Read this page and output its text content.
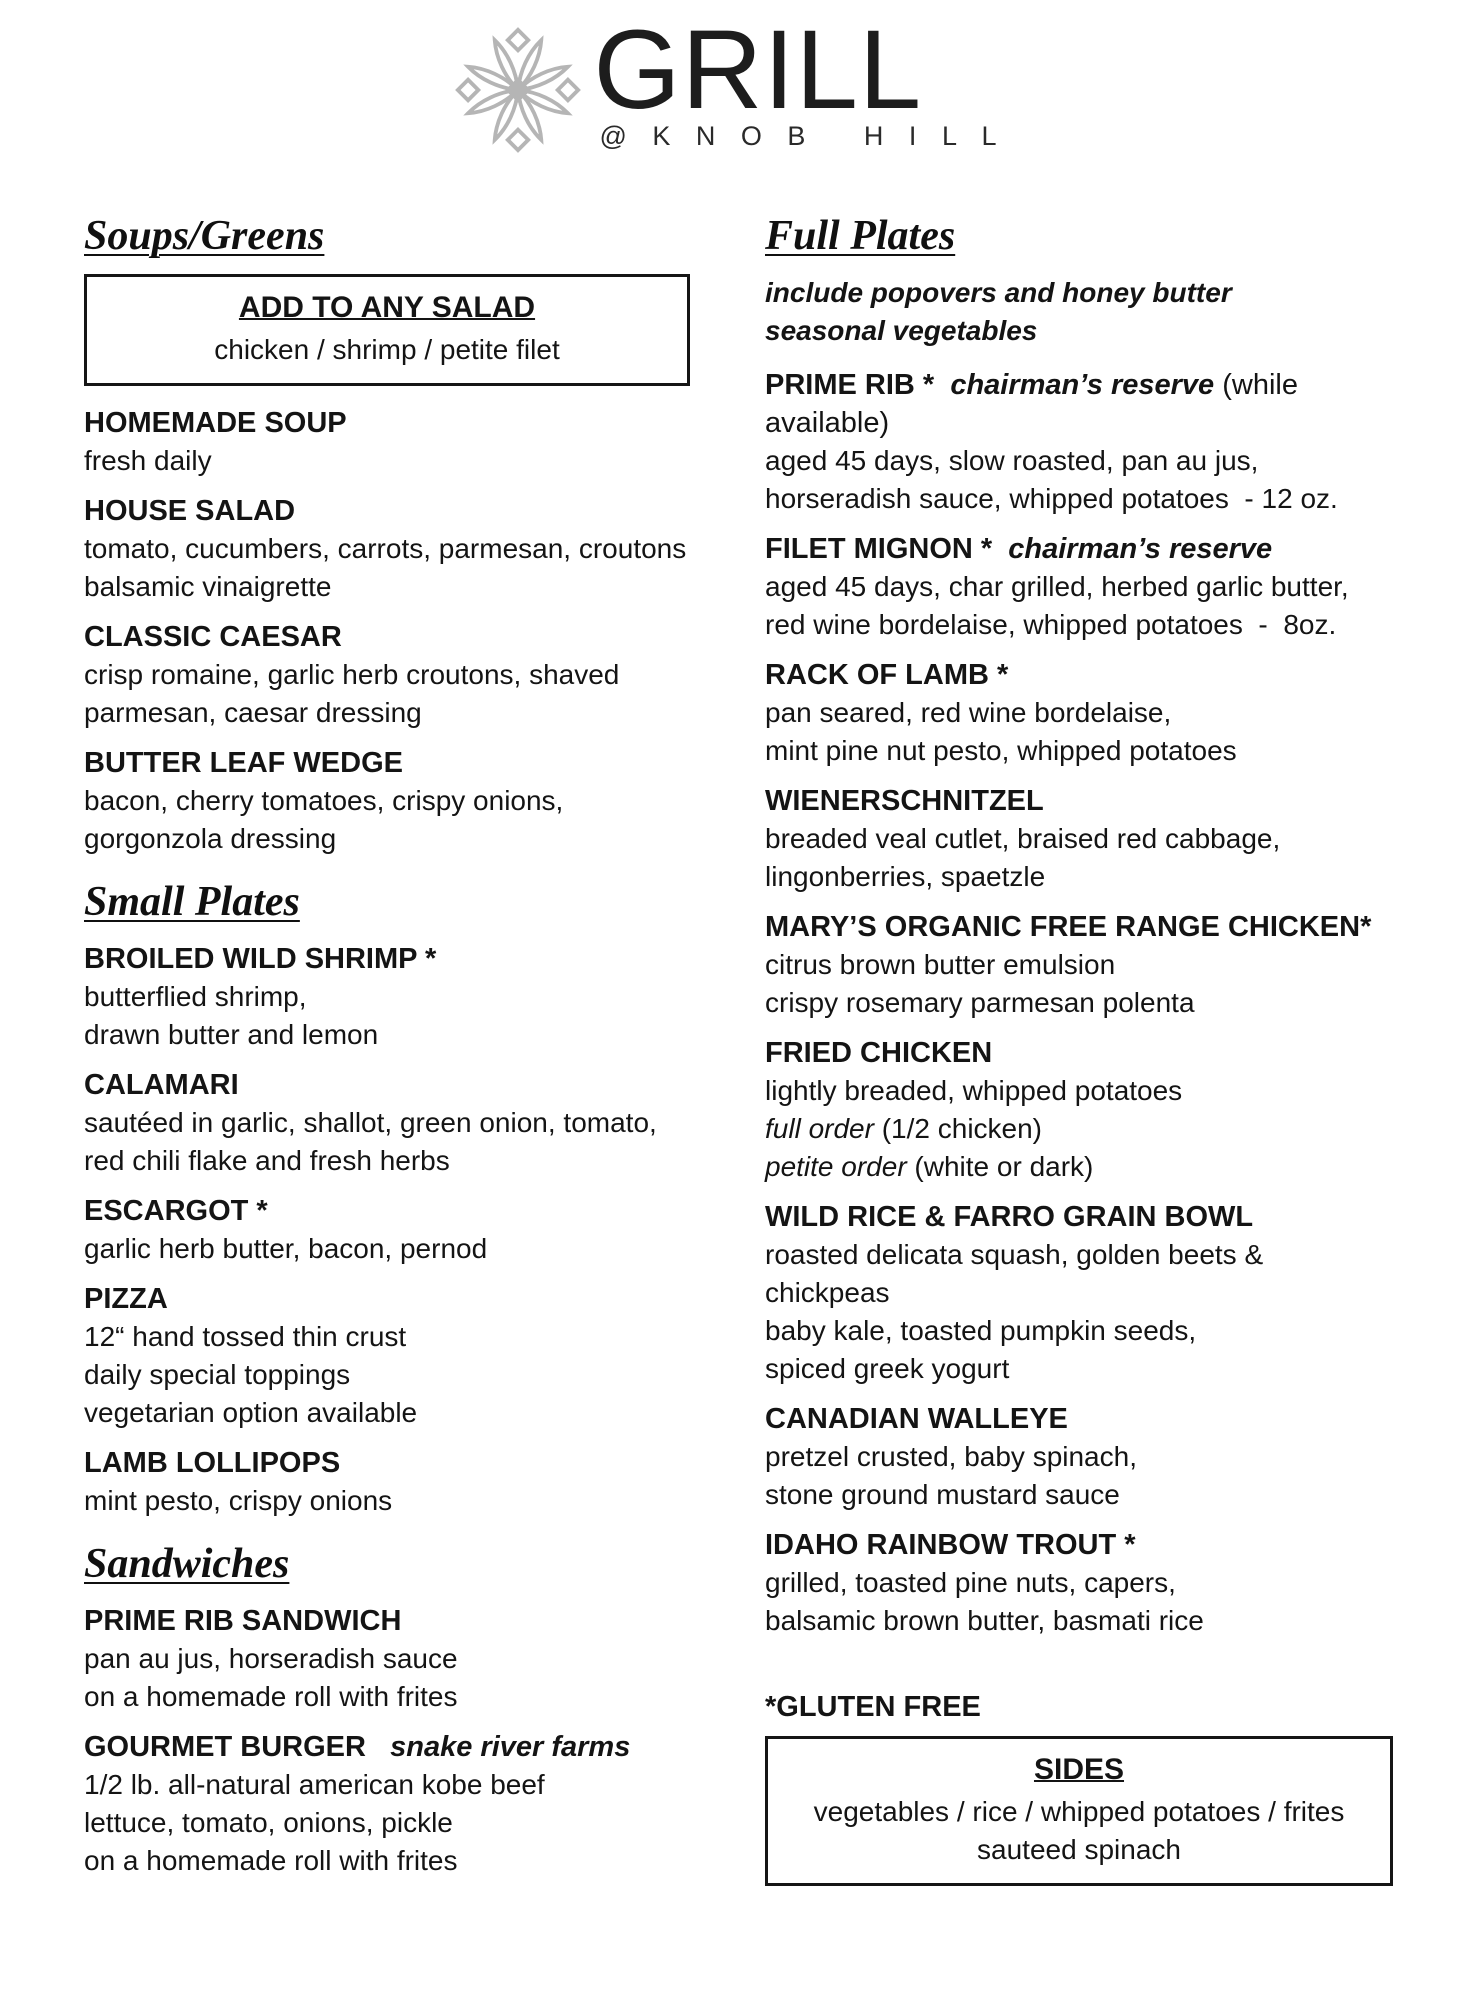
GRILL
@ K N O B   H I L L
Soups/Greens
ADD TO ANY SALAD
chicken / shrimp / petite filet
HOMEMADE SOUP
fresh daily
HOUSE SALAD
tomato, cucumbers, carrots, parmesan, croutons
balsamic vinaigrette
CLASSIC CAESAR
crisp romaine, garlic herb croutons, shaved
parmesan, caesar dressing
BUTTER LEAF WEDGE
bacon, cherry tomatoes, crispy onions,
gorgonzola dressing
Small Plates
BROILED WILD SHRIMP *
butterflied shrimp,
drawn butter and lemon
CALAMARI
sautéed in garlic, shallot, green onion, tomato,
red chili flake and fresh herbs
ESCARGOT *
garlic herb butter, bacon, pernod
PIZZA
12“ hand tossed thin crust
daily special toppings
vegetarian option available
LAMB LOLLIPOPS
mint pesto, crispy onions
Sandwiches
PRIME RIB SANDWICH
pan au jus, horseradish sauce
on a homemade roll with frites
GOURMET BURGER   snake river farms
1/2 lb. all-natural american kobe beef
lettuce, tomato, onions, pickle
on a homemade roll with frites
Full Plates
include popovers and honey butter
seasonal vegetables
PRIME RIB *  chairman’s reserve (while available)
aged 45 days, slow roasted, pan au jus,
horseradish sauce, whipped potatoes  - 12 oz.
FILET MIGNON *  chairman’s reserve
aged 45 days, char grilled, herbed garlic butter,
red wine bordelaise, whipped potatoes  -  8oz.
RACK OF LAMB *
pan seared, red wine bordelaise,
mint pine nut pesto, whipped potatoes
WIENERSCHNITZEL
breaded veal cutlet, braised red cabbage,
lingonberries, spaetzle
MARY’S ORGANIC FREE RANGE CHICKEN*
citrus brown butter emulsion
crispy rosemary parmesan polenta
FRIED CHICKEN
lightly breaded, whipped potatoes
full order (1/2 chicken)
petite order (white or dark)
WILD RICE & FARRO GRAIN BOWL
roasted delicata squash, golden beets & chickpeas
baby kale, toasted pumpkin seeds,
spiced greek yogurt
CANADIAN WALLEYE
pretzel crusted, baby spinach,
stone ground mustard sauce
IDAHO RAINBOW TROUT *
grilled, toasted pine nuts, capers,
balsamic brown butter, basmati rice
*GLUTEN FREE
SIDES
vegetables / rice / whipped potatoes / frites
sauteed spinach
